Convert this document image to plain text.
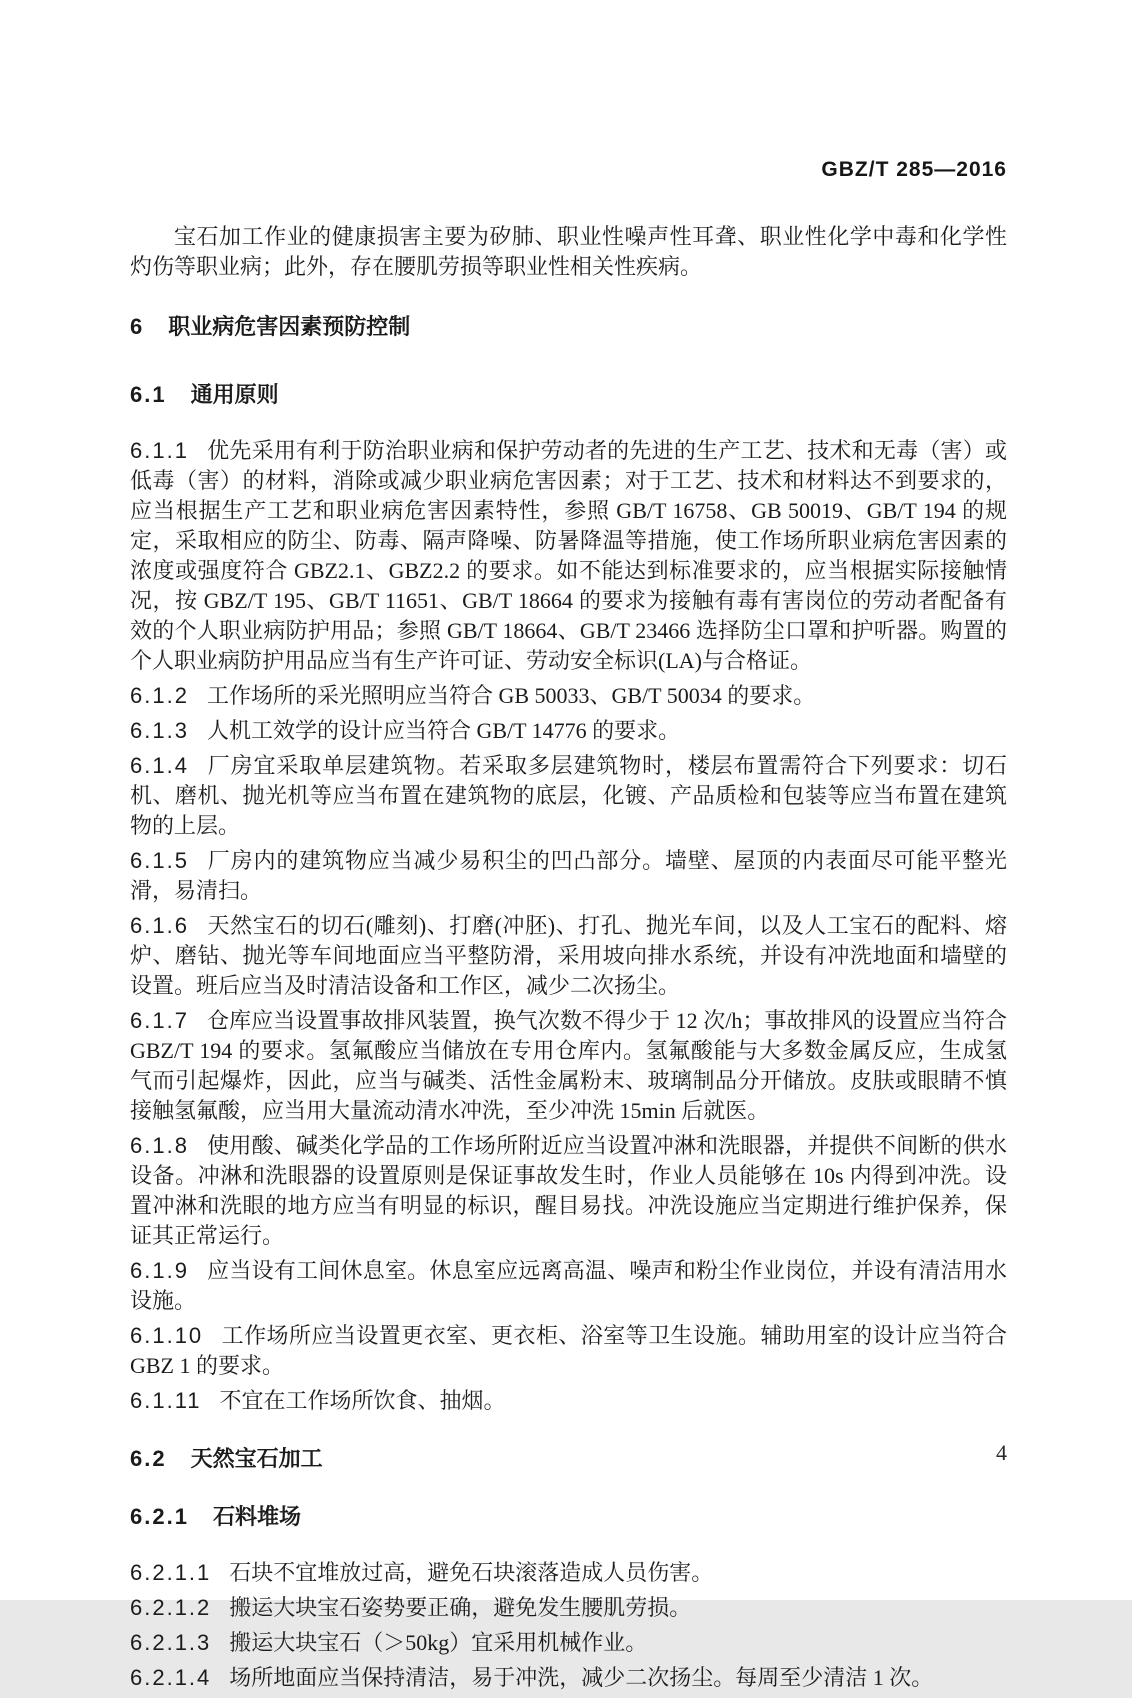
GBZ/T 285—2016

宝石加工作业的健康损害主要为矽肺、职业性噪声性耳聋、职业性化学中毒和化学性灼伤等职业病；此外，存在腰肌劳损等职业性相关性疾病。

6 职业病危害因素预防控制
6.1 通用原则

6.1.1 优先采用有利于防治职业病和保护劳动者的先进的生产工艺、技术和无毒（害）或低毒（害）的材料，消除或减少职业病危害因素；对于工艺、技术和材料达不到要求的，应当根据生产工艺和职业病危害因素特性，参照 GB/T 16758、GB 50019、GB/T 194 的规定，采取相应的防尘、防毒、隔声降噪、防暑降温等措施，使工作场所职业病危害因素的浓度或强度符合 GBZ2.1、GBZ2.2 的要求。如不能达到标准要求的，应当根据实际接触情况，按 GBZ/T 195、GB/T 11651、GB/T 18664 的要求为接触有毒有害岗位的劳动者配备有效的个人职业病防护用品；参照 GB/T 18664、GB/T 23466 选择防尘口罩和护听器。购置的个人职业病防护用品应当有生产许可证、劳动安全标识(LA)与合格证。

6.1.2 工作场所的采光照明应当符合 GB 50033、GB/T 50034 的要求。

6.1.3 人机工效学的设计应当符合 GB/T 14776 的要求。

6.1.4 厂房宜采取单层建筑物。若采取多层建筑物时，楼层布置需符合下列要求：切石机、磨机、抛光机等应当布置在建筑物的底层，化镀、产品质检和包装等应当布置在建筑物的上层。

6.1.5 厂房内的建筑物应当减少易积尘的凹凸部分。墙壁、屋顶的内表面尽可能平整光滑，易清扫。

6.1.6 天然宝石的切石(雕刻)、打磨(冲胚)、打孔、抛光车间，以及人工宝石的配料、熔炉、磨钻、抛光等车间地面应当平整防滑，采用坡向排水系统，并设有冲洗地面和墙壁的设置。班后应当及时清洁设备和工作区，减少二次扬尘。

6.1.7 仓库应当设置事故排风装置，换气次数不得少于 12 次/h；事故排风的设置应当符合 GBZ/T 194 的要求。氢氟酸应当储放在专用仓库内。氢氟酸能与大多数金属反应，生成氢气而引起爆炸，因此，应当与碱类、活性金属粉末、玻璃制品分开储放。皮肤或眼睛不慎接触氢氟酸，应当用大量流动清水冲洗，至少冲洗 15min 后就医。

6.1.8 使用酸、碱类化学品的工作场所附近应当设置冲淋和洗眼器，并提供不间断的供水设备。冲淋和洗眼器的设置原则是保证事故发生时，作业人员能够在 10s 内得到冲洗。设置冲淋和洗眼的地方应当有明显的标识，醒目易找。冲洗设施应当定期进行维护保养，保证其正常运行。

6.1.9 应当设有工间休息室。休息室应远离高温、噪声和粉尘作业岗位，并设有清洁用水设施。

6.1.10 工作场所应当设置更衣室、更衣柜、浴室等卫生设施。辅助用室的设计应当符合 GBZ 1 的要求。

6.1.11 不宜在工作场所饮食、抽烟。

6.2 天然宝石加工
6.2.1 石料堆场

6.2.1.1 石块不宜堆放过高，避免石块滚落造成人员伤害。

6.2.1.2 搬运大块宝石姿势要正确，避免发生腰肌劳损。

6.2.1.3 搬运大块宝石（＞50kg）宜采用机械作业。

6.2.1.4 场所地面应当保持清洁，易于冲洗，减少二次扬尘。每周至少清洁 1 次。

4
